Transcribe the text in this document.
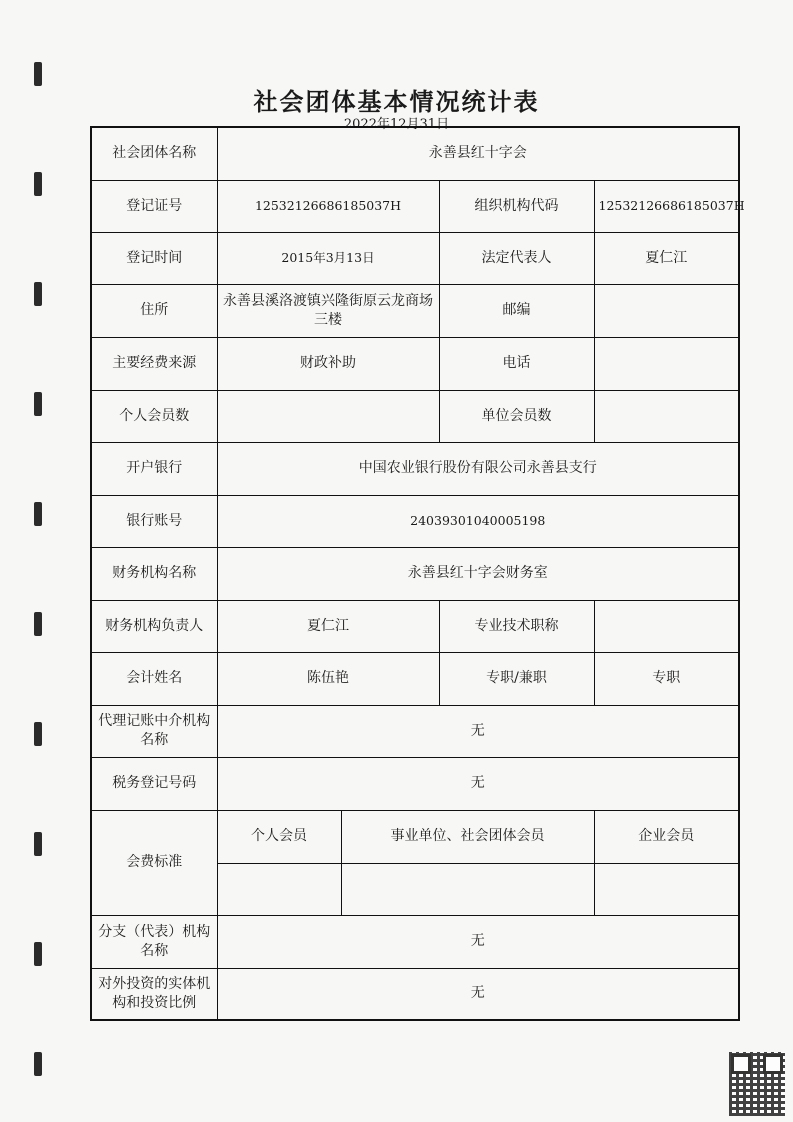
社会团体基本情况统计表
2022年12月31日
社会团体名称	永善县红十字会			
登记证号	12532126686185037H		组织机构代码	12532126686185037H
登记时间	2015年3月13日		法定代表人	夏仁江
住所	永善县溪洛渡镇兴隆街原云龙商场三楼		邮编	
主要经费来源	财政补助		电话	
个人会员数			单位会员数	
开户银行	中国农业银行股份有限公司永善县支行			
银行账号	24039301040005198			
财务机构名称	永善县红十字会财务室			
财务机构负责人	夏仁江		专业技术职称	
会计姓名	陈伍艳		专职/兼职	专职
代理记账中介机构名称	无			
税务登记号码	无			
会费标准	个人会员	事业单位、社会团体会员		企业会员

分支（代表）机构名称	无			
对外投资的实体机构和投资比例	无			
